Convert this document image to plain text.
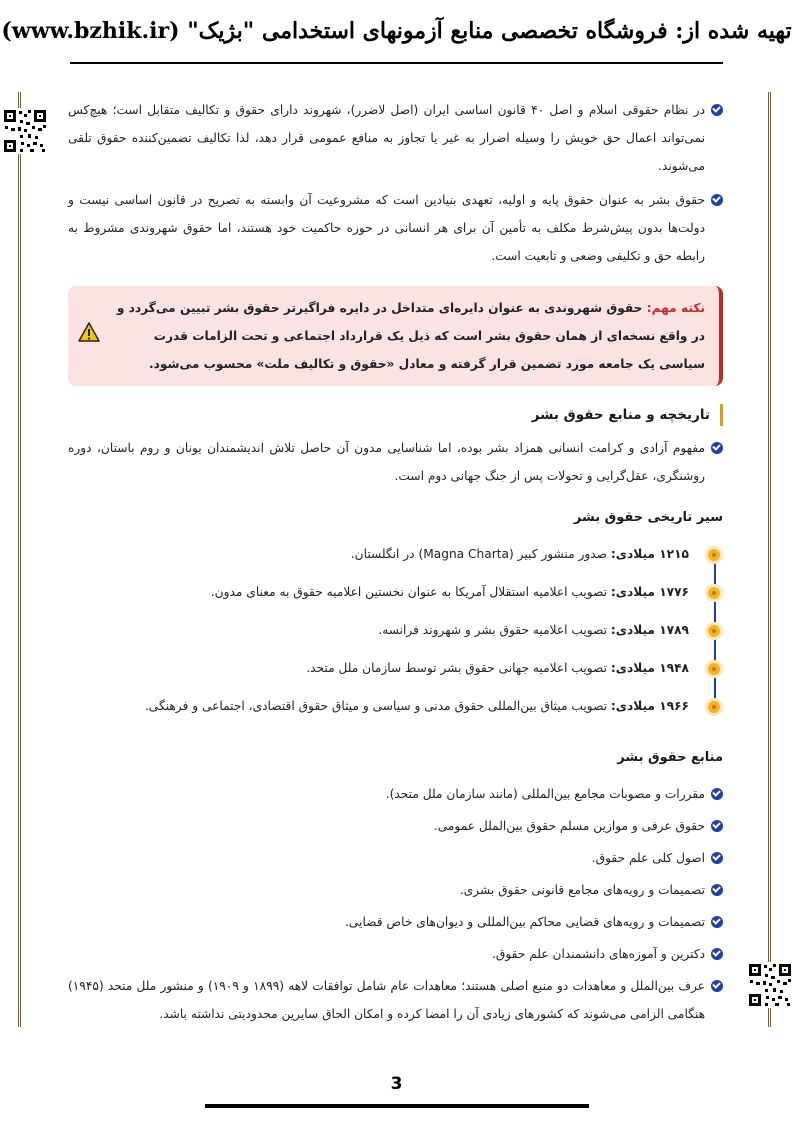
تهیه شده از: فروشگاه تخصصی منابع آزمونهای استخدامی "بژیک" (www.bzhik.ir)

در نظام حقوقی اسلام و اصل ۴۰ قانون اساسی ایران (اصل لاضرر)، شهروند دارای حقوق و تکالیف متقابل است؛ هیچ‌کس نمی‌تواند اعمال حق خویش را وسیله اضرار به غیر یا تجاوز به منافع عمومی قرار دهد، لذا تکالیف تضمین‌کننده حقوق تلقی می‌شوند.

حقوق بشر به عنوان حقوق پایه و اولیه، تعهدی بنیادین است که مشروعیت آن وابسته به تصریح در قانون اساسی نیست و دولت‌ها بدون پیش‌شرط مکلف به تأمین آن برای هر انسانی در حوزه حاکمیت خود هستند، اما حقوق شهروندی مشروط به رابطه حق و تکلیفی وضعی و تابعیت است.

نکته مهم: حقوق شهروندی به عنوان دایره‌ای متداخل در دایره فراگیرتر حقوق بشر تبیین می‌گردد و در واقع نسخه‌ای از همان حقوق بشر است که ذیل یک قرارداد اجتماعی و تحت الزامات قدرت سیاسی یک جامعه مورد تضمین قرار گرفته و معادل «حقوق و تکالیف ملت» محسوب می‌شود.
تاریخچه و منابع حقوق بشر

مفهوم آزادی و کرامت انسانی همزاد بشر بوده، اما شناسایی مدون آن حاصل تلاش اندیشمندان یونان و روم باستان، دوره روشنگری، عقل‌گرایی و تحولات پس از جنگ جهانی دوم است.

سیر تاریخی حقوق بشر
۱۲۱۵ میلادی: صدور منشور کبیر (Magna Charta) در انگلستان.
۱۷۷۶ میلادی: تصویب اعلامیه استقلال آمریکا به عنوان نخستین اعلامیه حقوق به معنای مدون.
۱۷۸۹ میلادی: تصویب اعلامیه حقوق بشر و شهروند فرانسه.
۱۹۴۸ میلادی: تصویب اعلامیه جهانی حقوق بشر توسط سازمان ملل متحد.
۱۹۶۶ میلادی: تصویب میثاق بین‌المللی حقوق مدنی و سیاسی و میثاق حقوق اقتصادی، اجتماعی و فرهنگی.
منابع حقوق بشر

مقررات و مصوبات مجامع بین‌المللی (مانند سازمان ملل متحد).

حقوق عرفی و موازین مسلم حقوق بین‌الملل عمومی.

اصول کلی علم حقوق.

تصمیمات و رویه‌های مجامع قانونی حقوق بشری.

تصمیمات و رویه‌های قضایی محاکم بین‌المللی و دیوان‌های خاص قضایی.

دکترین و آموزه‌های دانشمندان علم حقوق.

عرف بین‌الملل و معاهدات دو منبع اصلی هستند؛ معاهدات عام شامل توافقات لاهه (۱۸۹۹ و ۱۹۰۹) و منشور ملل متحد (۱۹۴۵) هنگامی الزامی می‌شوند که کشورهای زیادی آن را امضا کرده و امکان الحاق سایرین محدودیتی نداشته باشد.

3
